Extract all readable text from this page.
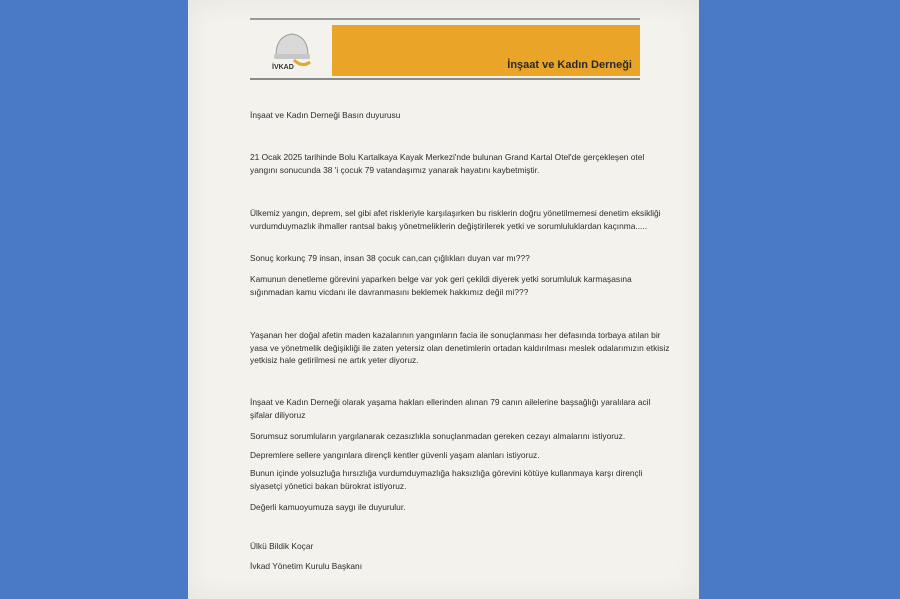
İVKAD	İnşaat ve Kadın Derneği

İnşaat ve Kadın Derneği Basın duyurusu

21 Ocak 2025 tarihinde Bolu Kartalkaya Kayak Merkezi'nde bulunan Grand Kartal Otel'de gerçekleşen otel yangını sonucunda 38 'i çocuk 79 vatandaşımız yanarak hayatını kaybetmiştir.

Ülkemiz yangın, deprem, sel gibi afet riskleriyle karşılaşırken bu risklerin doğru yönetilmemesi denetim eksikliği vurdumduymazlık ihmaller rantsal bakış yönetmeliklerin değiştirilerek yetki ve sorumluluklardan kaçınma.....

Sonuç korkunç 79 insan, insan 38 çocuk can,can çığlıkları duyan var mı???

Kamunun denetleme görevini yaparken belge var yok geri çekildi diyerek yetki sorumluluk karmaşasına sığınmadan kamu vicdanı ile davranmasını beklemek hakkımız değil mi???

Yaşanan her doğal afetin maden kazalarının yangınların facia ile sonuçlanması her defasında torbaya atılan bir yasa ve yönetmelik değişikliği ile zaten yetersiz olan denetimlerin ortadan kaldırılması meslek odalarımızın etkisiz yetkisiz hale getirilmesi ne artık yeter diyoruz.

İnşaat ve Kadın Derneği olarak yaşama hakları ellerinden alınan 79 canın ailelerine başsağlığı yaralılara acil şifalar diliyoruz

Sorumsuz sorumluların yargılanarak cezasızlıkla sonuçlanmadan gereken cezayı almalarını istiyoruz.

Depremlere sellere yangınlara dirençli kentler güvenli yaşam alanları istiyoruz.

Bunun içinde yolsuzluğa hırsızlığa vurdumduymazlığa haksızlığa görevini kötüye kullanmaya karşı dirençli siyasetçi yönetici bakan bürokrat istiyoruz.

Değerli kamuoyumuza saygı ile duyurulur.

Ülkü Bildik Koçar

İvkad Yönetim Kurulu Başkanı
